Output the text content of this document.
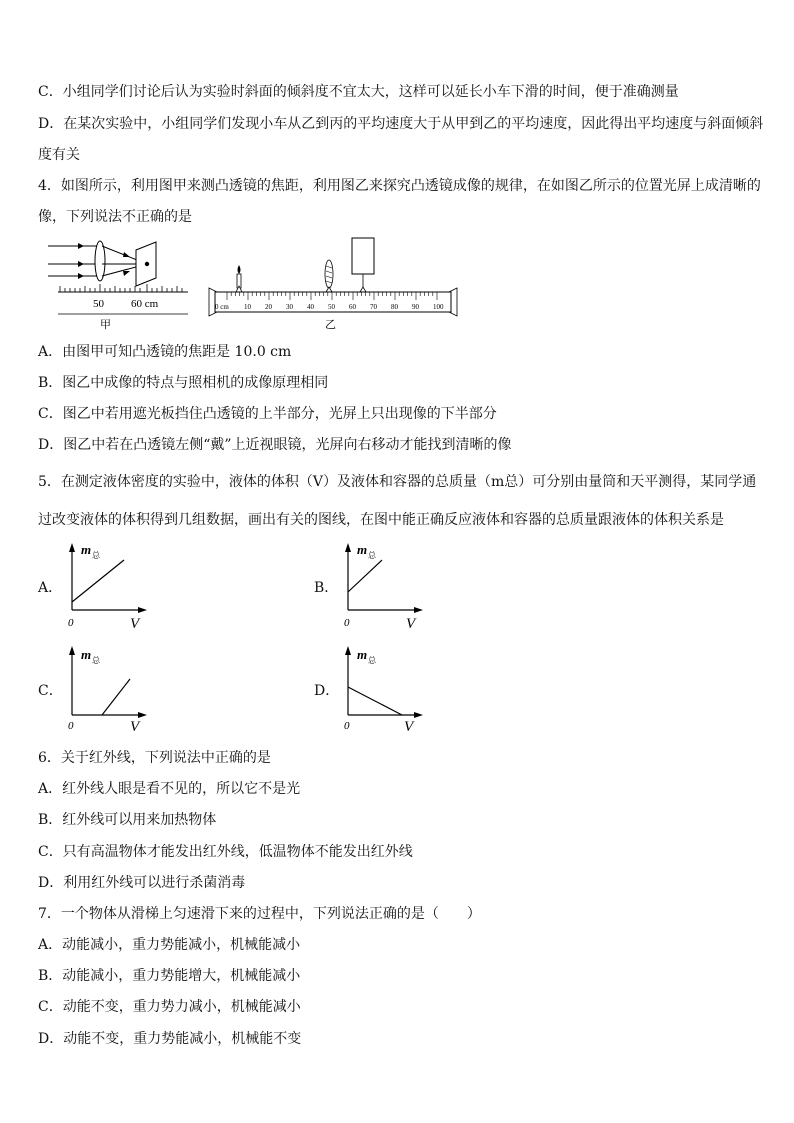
C．小组同学们讨论后认为实验时斜面的倾斜度不宜太大，这样可以延长小车下滑的时间，便于准确测量
D．在某次实验中，小组同学们发现小车从乙到丙的平均速度大于从甲到乙的平均速度，因此得出平均速度与斜面倾斜
度有关
4．如图所示，利用图甲来测凸透镜的焦距，利用图乙来探究凸透镜成像的规律，在如图乙所示的位置光屏上成清晰的
像，下列说法不正确的是
50 60 cm
甲
0 cm 10 20 30 40 50 60 70 80 90 100
乙
A．由图甲可知凸透镜的焦距是 10.0 cm
B．图乙中成像的特点与照相机的成像原理相同
C．图乙中若用遮光板挡住凸透镜的上半部分，光屏上只出现像的下半部分
D．图乙中若在凸透镜左侧“戴”上近视眼镜，光屏向右移动才能找到清晰的像
5．在测定液体密度的实验中，液体的体积（V）及液体和容器的总质量（m总）可分别由量筒和天平测得，某同学通
过改变液体的体积得到几组数据，画出有关的图线，在图中能正确反应液体和容器的总质量跟液体的体积关系是
A．
m 总
0	V
B．
m 总
0	V
C．
m 总
0	V
D．
m 总
0	V
6．关于红外线，下列说法中正确的是
A．红外线人眼是看不见的，所以它不是光
B．红外线可以用来加热物体
C．只有高温物体才能发出红外线，低温物体不能发出红外线
D．利用红外线可以进行杀菌消毒
7．一个物体从滑梯上匀速滑下来的过程中，下列说法正确的是（　　）
A．动能减小，重力势能减小，机械能减小
B．动能减小，重力势能增大，机械能减小
C．动能不变，重力势力减小，机械能减小
D．动能不变，重力势能减小，机械能不变
